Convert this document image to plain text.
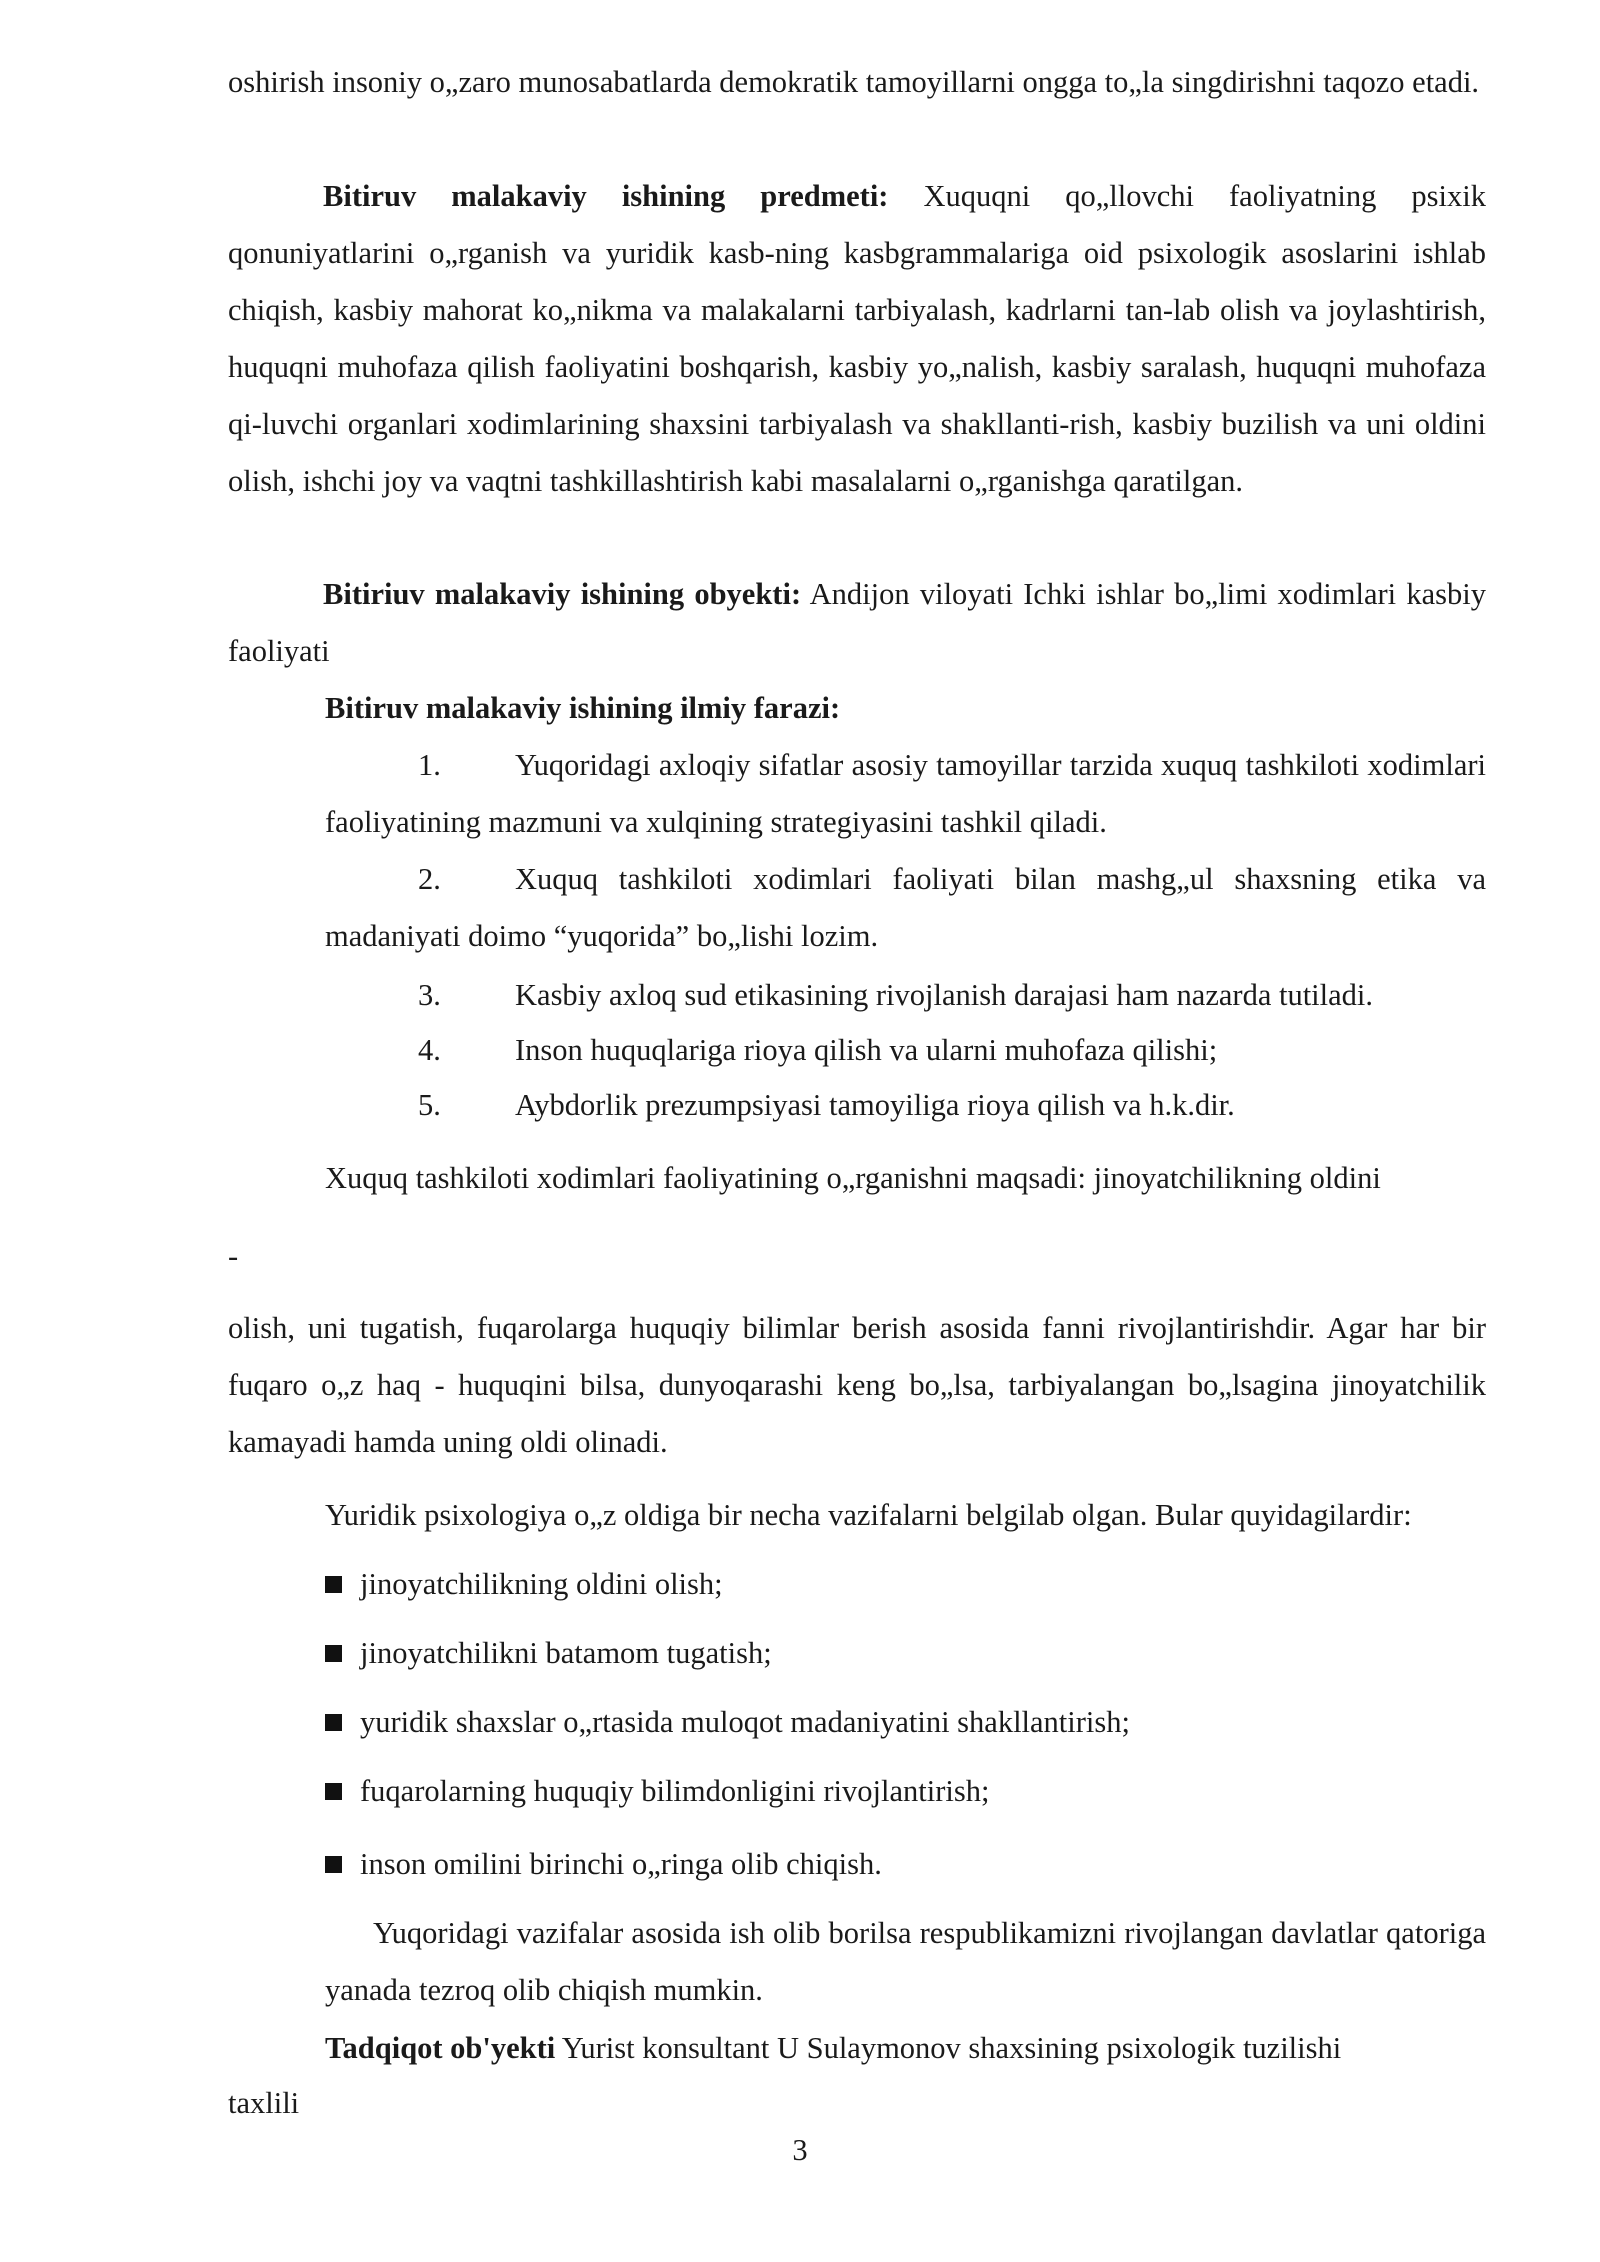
oshirish insoniy o„zaro munosabatlarda demokratik tamoyillarni ongga to„la singdirishni taqozo etadi.
Bitiruv malakaviy ishining predmeti: Xuquqni qo„llovchi faoliyatning psixik qonuniyatlarini o„rganish va yuridik kasb-ning kasbgrammalariga oid psixologik asoslarini ishlab chiqish, kasbiy mahorat ko„nikma va malakalarni tarbiyalash, kadrlarni tan-lab olish va joylashtirish, huquqni muhofaza qilish faoliyatini boshqarish, kasbiy yo„nalish, kasbiy saralash, huquqni muhofaza qi-luvchi organlari xodimlarining shaxsini tarbiyalash va shakllanti-rish, kasbiy buzilish va uni oldini olish, ishchi joy va vaqtni tashkillashtirish kabi masalalarni o„rganishga qaratilgan.
Bitiriuv malakaviy ishining obyekti: Andijon viloyati Ichki ishlar bo„limi xodimlari kasbiy faoliyati
Bitiruv malakaviy ishining ilmiy farazi:
1.	Yuqoridagi axloqiy sifatlar asosiy tamoyillar tarzida xuquq tashkiloti xodimlari faoliyatining mazmuni va xulqining strategiyasini tashkil qiladi.
2.	Xuquq tashkiloti xodimlari faoliyati bilan mashg„ul shaxsning etika va madaniyati doimo “yuqorida” bo„lishi lozim.
3. Kasbiy axloq sud etikasining rivojlanish darajasi ham nazarda tutiladi.
4. Inson huquqlariga rioya qilish va ularni muhofaza qilishi;
5. Aybdorlik prezumpsiyasi tamoyiliga rioya qilish va h.k.dir.
Xuquq tashkiloti xodimlari faoliyatining o„rganishni maqsadi: jinoyatchilikning oldini
-
olish, uni tugatish, fuqarolarga huquqiy bilimlar berish asosida fanni rivojlantirishdir. Agar har bir fuqaro o„z haq - huquqini bilsa, dunyoqarashi keng bo„lsa, tarbiyalangan bo„lsagina jinoyatchilik kamayadi hamda uning oldi olinadi.
Yuridik psixologiya o„z oldiga bir necha vazifalarni belgilab olgan. Bular quyidagilardir:
jinoyatchilikning oldini olish;
jinoyatchilikni batamom tugatish;
yuridik shaxslar o„rtasida muloqot madaniyatini shakllantirish;
fuqarolarning huquqiy bilimdonligini rivojlantirish;
inson omilini birinchi o„ringa olib chiqish.
Yuqoridagi vazifalar asosida ish olib borilsa respublikamizni rivojlangan davlatlar qatoriga yanada tezroq olib chiqish mumkin.
Tadqiqot ob'yekti Yurist konsultant U Sulaymonov shaxsining psixologik tuzilishi
taxlili
3
